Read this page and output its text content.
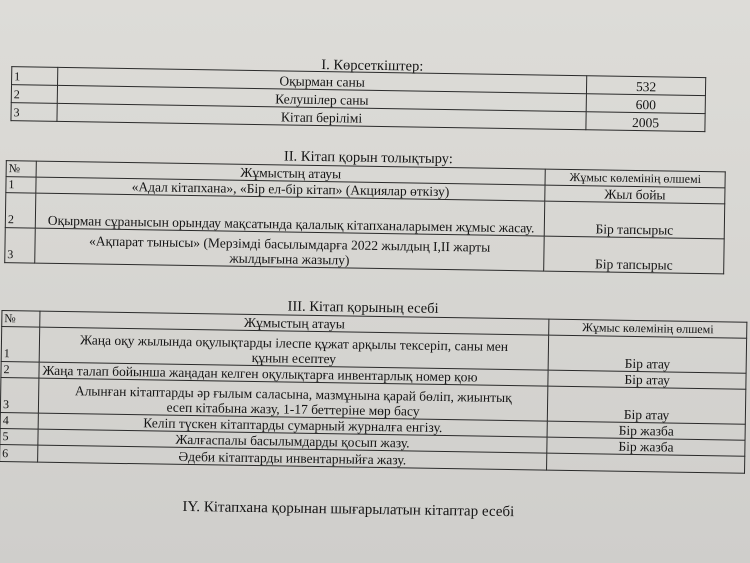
I. Көрсеткіштер:
1	Оқырман саны	532
2	Келушілер саны	600
3	Кітап берілімі	2005
II. Кітап қорын толықтыру:
№	Жұмыстың атауы	Жұмыс көлемінің өлшемі
1	«Адал кітапхана», «Бір ел-бір кітап» (Акциялар өткізу)	Жыл бойы
2	Оқырман сұранысын орындау мақсатында қалалық кітапханаларымен жұмыс жасау.	Бір тапсырыс
3	«Ақпарат тынысы» (Мерзімді басылымдарға 2022 жылдың І,ІІ жарты жылдығына жазылу)	Бір тапсырыс
III. Кітап қорының есебі
№	Жұмыстың атауы	Жұмыс көлемінің өлшемі
1	Жаңа оқу жылында оқулықтарды ілеспе құжат арқылы тексеріп, саны мен құнын есептеу	Бір атау
2	Жаңа талап бойынша жаңадан келген оқулықтарға инвентарлық номер қою	Бір атау
3	Алынған кітаптарды әр ғылым саласына, мазмұнына қарай бөліп, жиынтық есеп кітабына жазу, 1-17 беттеріне мөр басу	Бір атау
4	Келіп түскен кітаптарды сумарный журналға енгізу.	Бір жазба
5	Жалғаспалы басылымдарды қосып жазу.	Бір жазба
6	Әдеби кітаптарды инвентарныйға жазу.	
IY. Кітапхана қорынан шығарылатын кітаптар есебі
